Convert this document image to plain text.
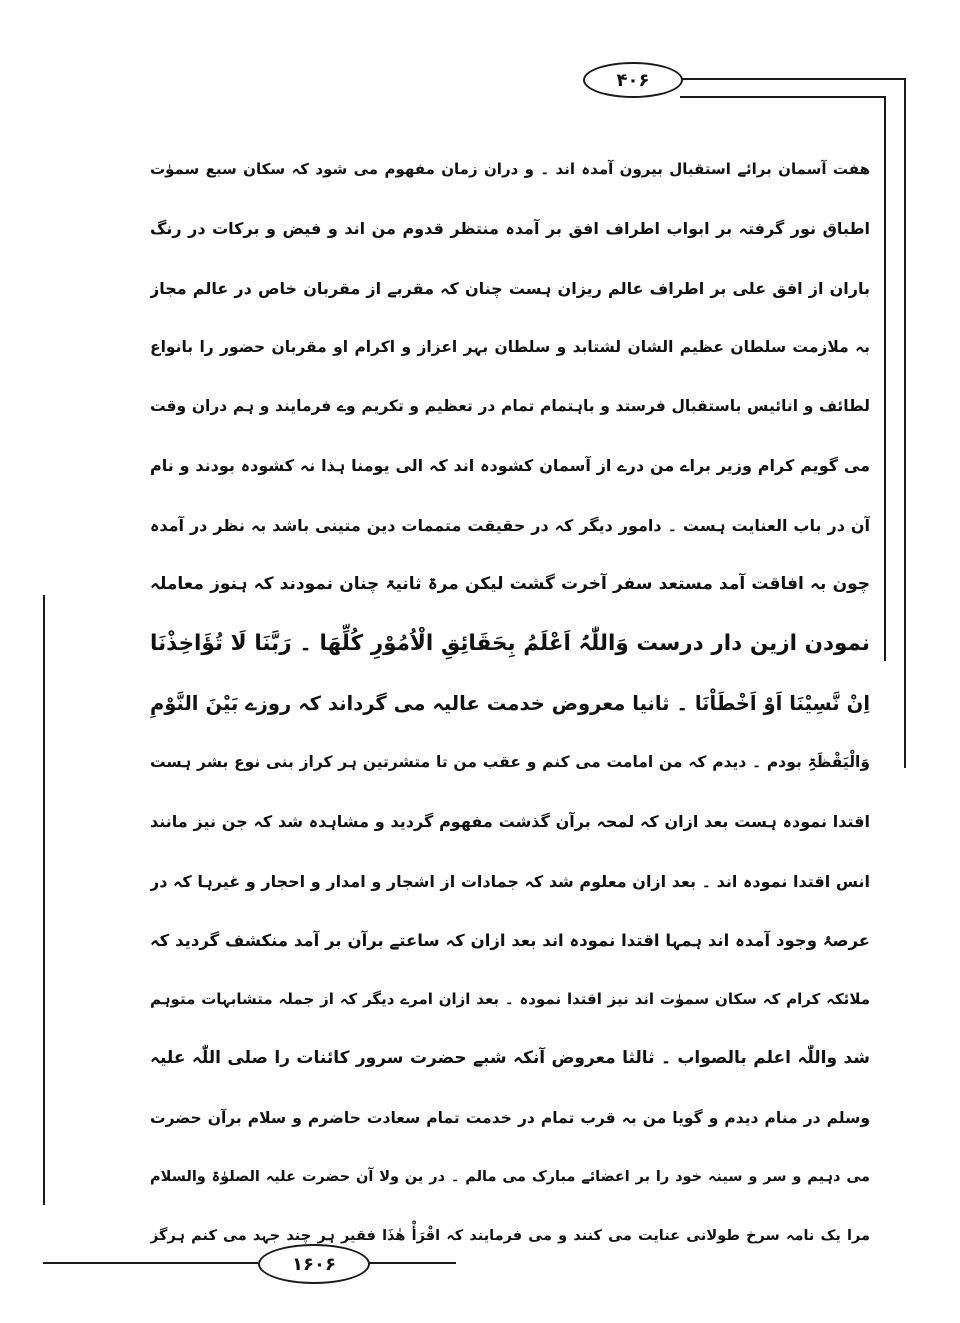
۴۰۶
۱۶۰۶
ھفت آسمان برائے استقبال بیرون آمدہ اند ۔ و دران زمان مفھوم می شود کہ سکان سبع سموٰت
اطباق نور گرفتہ بر ابواب اطراف افق بر آمدہ منتظر قدوم من اند و فیض و برکات در رنگ
باران از افق علی بر اطراف عالم ریزان ہست چنان کہ مقربے از مقربان خاص در عالم مجاز
بہ ملازمت سلطان عظیم الشان لشتابد و سلطان بہر اعزاز و اکرام او مقربان حضور را بانواع
لطائف و انائیس باستقبال فرستد و باہتمام تمام در تعظیم و تکریم وے فرمایند و ہم دران وقت
می گویم کرام وزیر براے من درے از آسمان کشودہ اند کہ الی یومنا ہذا نہ کشودہ بودند و نام
آن در باب العنایت ہست ۔ دامور دیگر کہ در حقیقت متممات دین متینی باشد بہ نظر در آمدہ
چون بہ افاقت آمد مستعد سفر آخرت گشت لیکن مرۃ ثانیۃ چنان نمودند کہ ہنوز معاملہ
نمودن ازین دار درست وَاللّٰہُ اَعْلَمُ بِحَقَائِقِ الْاُمُوْرِ کُلِّھَا ۔ رَبَّنَا لَا تُؤَاخِذْنَا
اِنْ نَّسِیْنَا اَوْ اَخْطَاْنَا ۔ ثانیا معروض خدمت عالیہ می گرداند کہ روزے بَیْنَ النَّوْمِ
وَالْیَقْظَۃِ بودم ۔ دیدم کہ من امامت می کنم و عقب من تا متشرتین ہر کراز بنی نوع بشر ہست
اقتدا نمودہ ہست بعد ازان کہ لمحہ برآن گذشت مفھوم گردید و مشاہدہ شد کہ جن نیز مانند
انس اقتدا نمودہ اند ۔ بعد ازان معلوم شد کہ جمادات از اشجار و امدار و احجار و غیرہا کہ در
عرصۂ وجود آمدہ اند ہمہا اقتدا نمودہ اند بعد ازان کہ ساعتے برآن بر آمد منکشف گردید کہ
ملائکہ کرام کہ سکان سموٰت اند نیز اقتدا نمودہ ۔ بعد ازان امرے دیگر کہ از جملہ متشابہات متوہم
شد واللّٰہ اعلم بالصواب ۔ ثالثا معروض آنکہ شبے حضرت سرور کائنات را صلی اللّٰہ علیہ
وسلم در منام دیدم و گویا من بہ قرب تمام در خدمت تمام سعادت حاضرم و سلام برآن حضرت
می دہیم و سر و سینہ خود را بر اعضائے مبارک می مالم ۔ در ین ولا آن حضرت علیہ الصلوٰۃ والسلام
مرا یک نامہ سرخ طولانی عنایت می کنند و می فرمایند کہ اقْرَأْ ھٰذَا فقیر ہر چند جہد می کنم ہرگز
